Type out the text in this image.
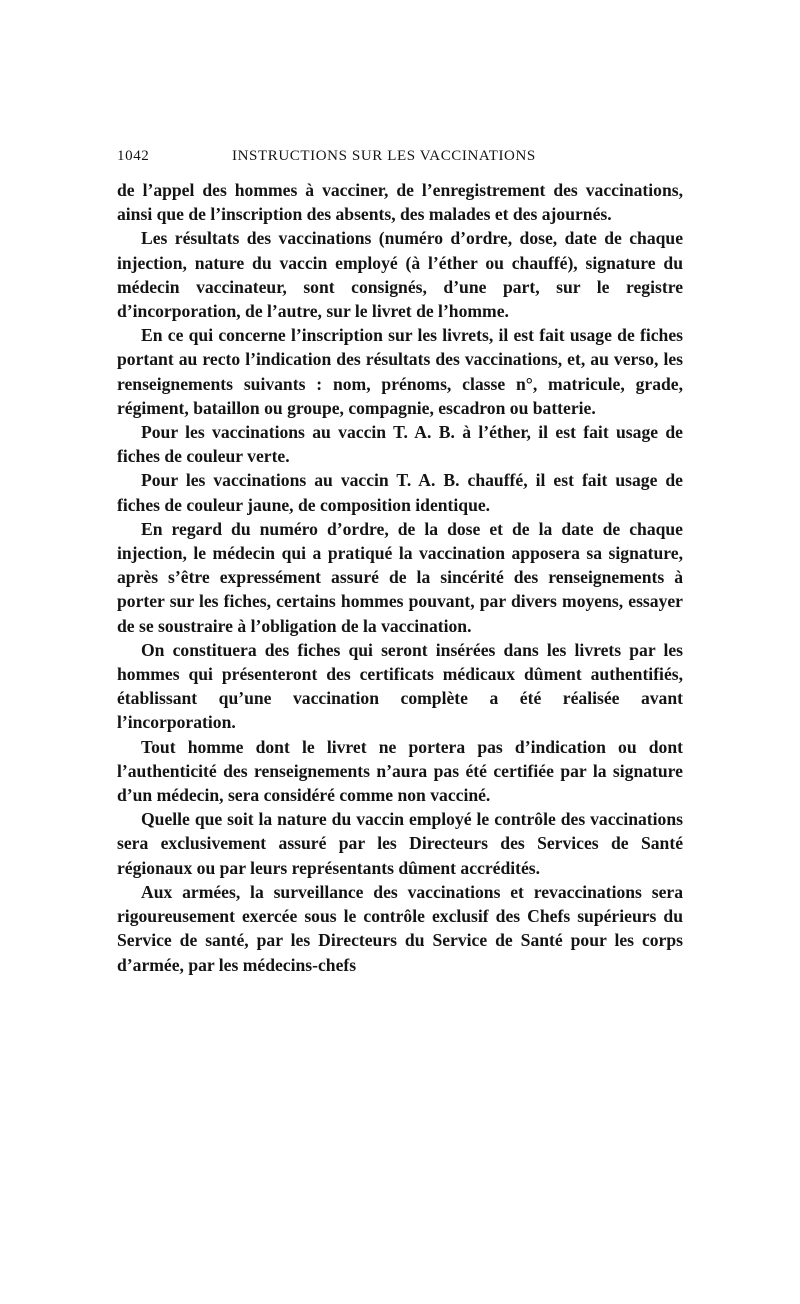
1042	INSTRUCTIONS SUR LES VACCINATIONS

de l’appel des hommes à vacciner, de l’enregistrement des vaccinations, ainsi que de l’inscription des absents, des malades et des ajournés.

Les résultats des vaccinations (numéro d’ordre, dose, date de chaque injection, nature du vaccin employé (à l’éther ou chauffé), signature du médecin vaccinateur, sont consignés, d’une part, sur le registre d’incorporation, de l’autre, sur le livret de l’homme.

En ce qui concerne l’inscription sur les livrets, il est fait usage de fiches portant au recto l’indication des résultats des vaccinations, et, au verso, les renseignements suivants : nom, prénoms, classe n°, matricule, grade, régiment, bataillon ou groupe, compagnie, escadron ou batterie.

Pour les vaccinations au vaccin T. A. B. à l’éther, il est fait usage de fiches de couleur verte.

Pour les vaccinations au vaccin T. A. B. chauffé, il est fait usage de fiches de couleur jaune, de composition identique.

En regard du numéro d’ordre, de la dose et de la date de chaque injection, le médecin qui a pratiqué la vaccination apposera sa signature, après s’être expressément assuré de la sincérité des renseignements à porter sur les fiches, certains hommes pouvant, par divers moyens, essayer de se soustraire à l’obligation de la vaccination.

On constituera des fiches qui seront insérées dans les livrets par les hommes qui présenteront des certificats médicaux dûment authentifiés, établissant qu’une vaccination complète a été réalisée avant l’incorporation.

Tout homme dont le livret ne portera pas d’indication ou dont l’authenticité des renseignements n’aura pas été certifiée par la signature d’un médecin, sera considéré comme non vacciné.

Quelle que soit la nature du vaccin employé le contrôle des vaccinations sera exclusivement assuré par les Directeurs des Services de Santé régionaux ou par leurs représentants dûment accrédités.

Aux armées, la surveillance des vaccinations et revaccinations sera rigoureusement exercée sous le contrôle exclusif des Chefs supérieurs du Service de santé, par les Directeurs du Service de Santé pour les corps d’armée, par les médecins-chefs
